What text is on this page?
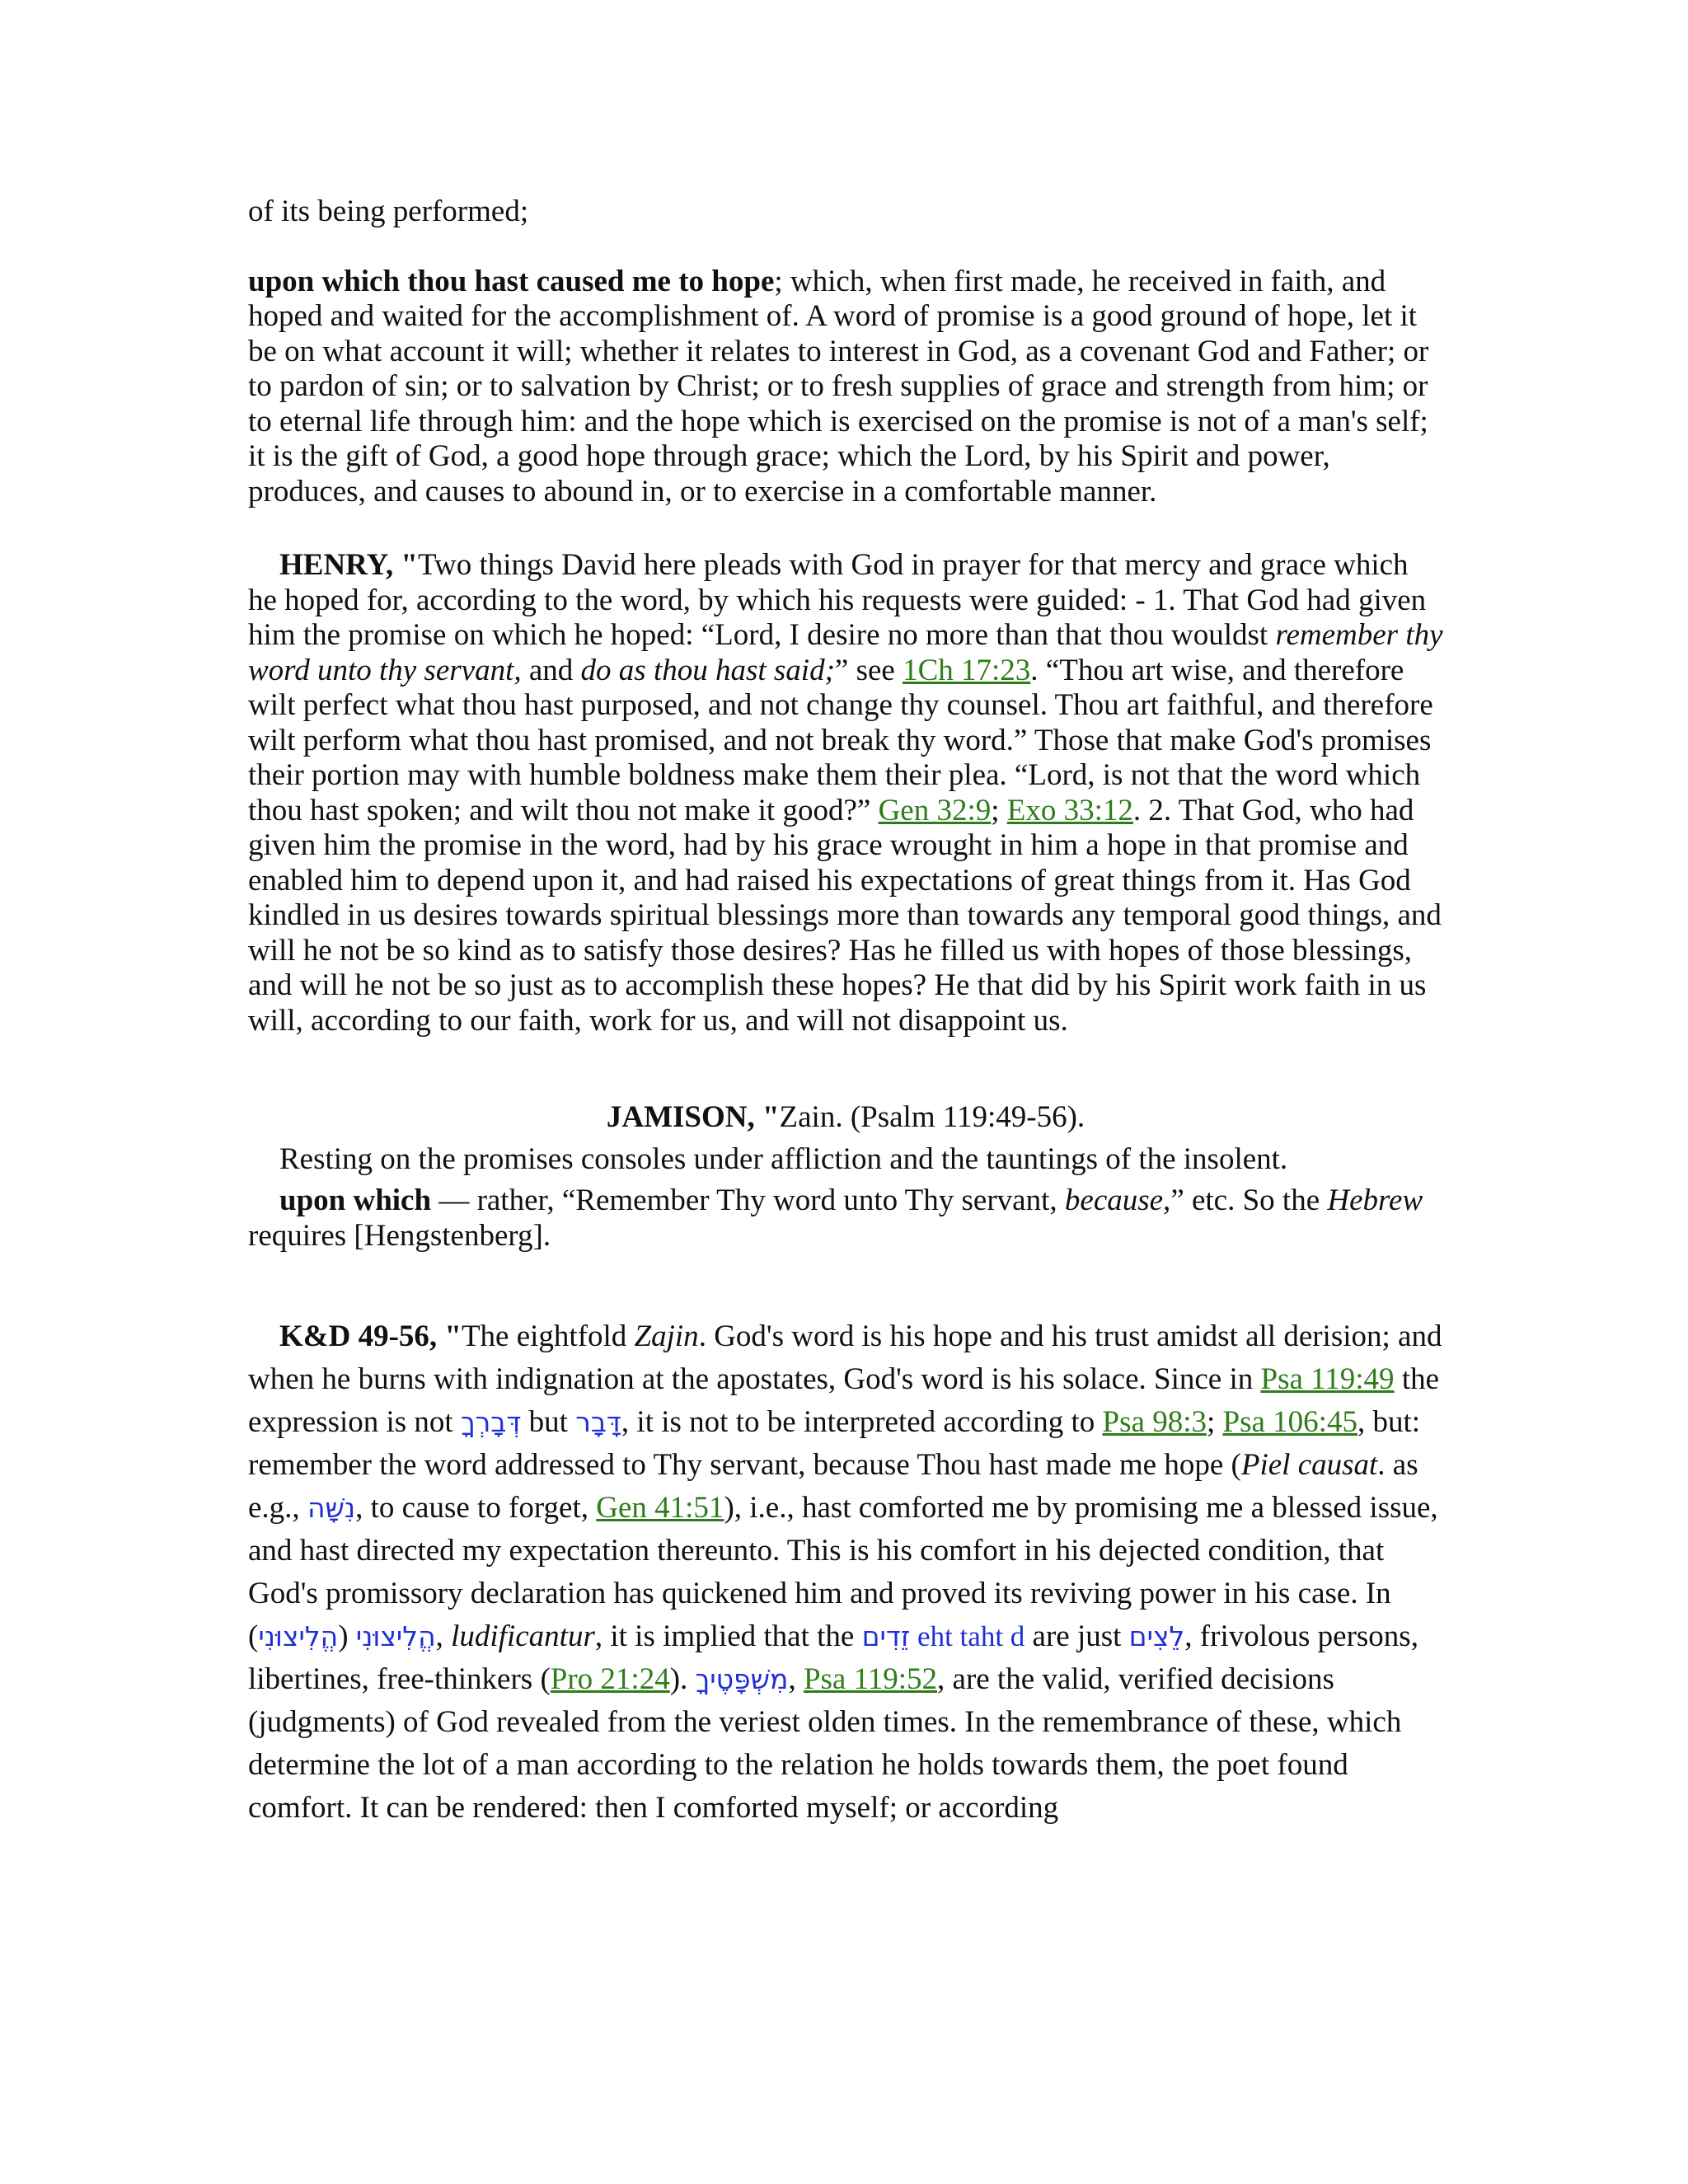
of its being performed;

upon which thou hast caused me to hope; which, when first made, he received in faith, and hoped and waited for the accomplishment of. A word of promise is a good ground of hope, let it be on what account it will; whether it relates to interest in God, as a covenant God and Father; or to pardon of sin; or to salvation by Christ; or to fresh supplies of grace and strength from him; or to eternal life through him: and the hope which is exercised on the promise is not of a man's self; it is the gift of God, a good hope through grace; which the Lord, by his Spirit and power, produces, and causes to abound in, or to exercise in a comfortable manner.

HENRY, "Two things David here pleads with God in prayer for that mercy and grace which he hoped for, according to the word, by which his requests were guided: - 1. That God had given him the promise on which he hoped: “Lord, I desire no more than that thou wouldst remember thy word unto thy servant, and do as thou hast said;” see 1Ch 17:23. “Thou art wise, and therefore wilt perfect what thou hast purposed, and not change thy counsel. Thou art faithful, and therefore wilt perform what thou hast promised, and not break thy word.” Those that make God's promises their portion may with humble boldness make them their plea. “Lord, is not that the word which thou hast spoken; and wilt thou not make it good?” Gen 32:9; Exo 33:12. 2. That God, who had given him the promise in the word, had by his grace wrought in him a hope in that promise and enabled him to depend upon it, and had raised his expectations of great things from it. Has God kindled in us desires towards spiritual blessings more than towards any temporal good things, and will he not be so kind as to satisfy those desires? Has he filled us with hopes of those blessings, and will he not be so just as to accomplish these hopes? He that did by his Spirit work faith in us will, according to our faith, work for us, and will not disappoint us.

JAMISON, "Zain. (Psalm 119:49-56).

Resting on the promises consoles under affliction and the tauntings of the insolent.

upon which — rather, “Remember Thy word unto Thy servant, because,” etc. So the Hebrew requires [Hengstenberg].

K&D 49-56, "The eightfold Zajin. God's word is his hope and his trust amidst all derision; and when he burns with indignation at the apostates, God's word is his solace. Since in Psa 119:49 the expression is not דְּבָרְךָ but דָּבָר, it is not to be interpreted according to Psa 98:3; Psa 106:45, but: remember the word addressed to Thy servant, because Thou hast made me hope (Piel causat. as e.g., נִשָּׁה, to cause to forget, Gen 41:51), i.e., hast comforted me by promising me a blessed issue, and hast directed my expectation thereunto. This is his comfort in his dejected condition, that God's promissory declaration has quickened him and proved its reviving power in his case. In הֱלִיצוּנִי (הֱלִיצוּנִי), ludificantur, it is implied that the זֵדִים eht taht d are just לֵצִים, frivolous persons, libertines, free-thinkers (Pro 21:24). מִשְׁפָּטֶיךָ, Psa 119:52, are the valid, verified decisions (judgments) of God revealed from the veriest olden times. In the remembrance of these, which determine the lot of a man according to the relation he holds towards them, the poet found comfort. It can be rendered: then I comforted myself; or according
